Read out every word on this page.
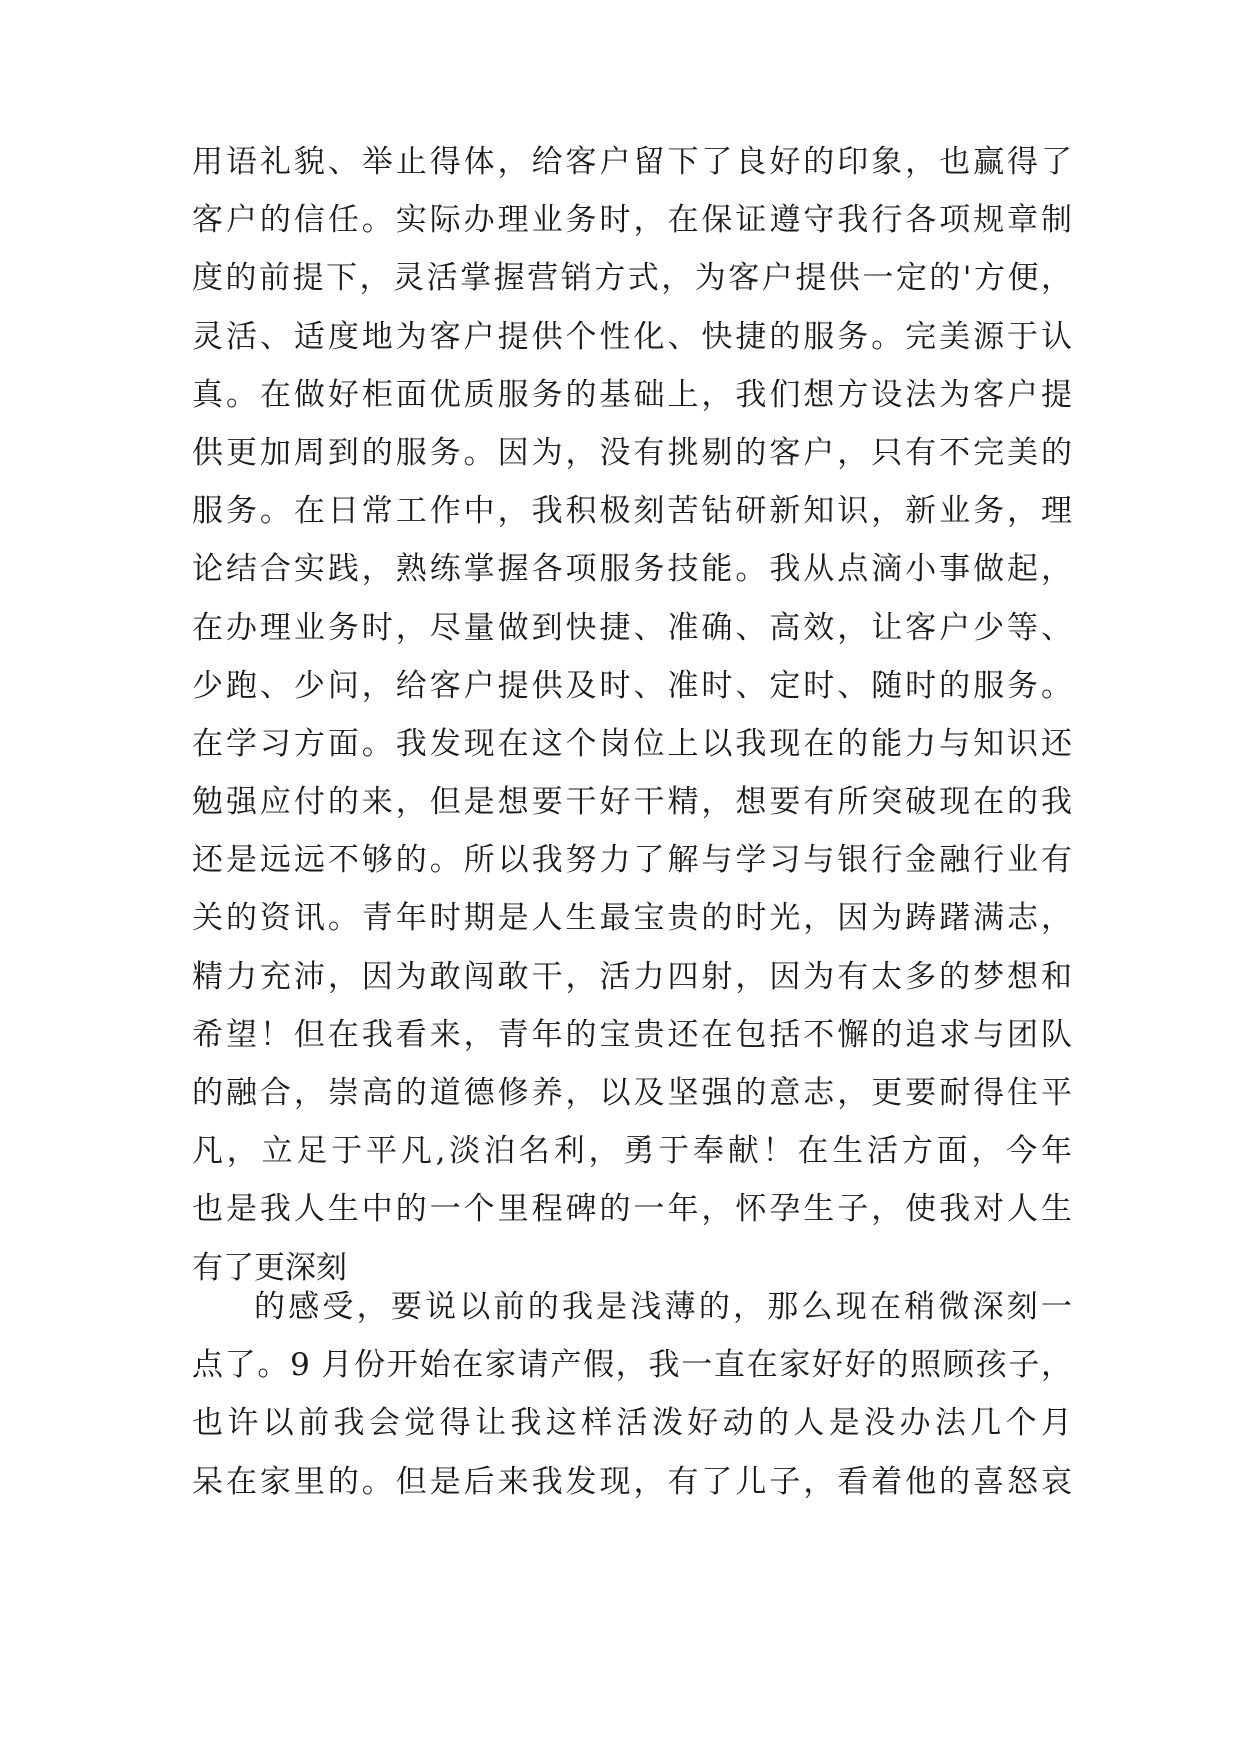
用语礼貌、举止得体，给客户留下了良好的印象，也赢得了
客户的信任。实际办理业务时，在保证遵守我行各项规章制
度的前提下，灵活掌握营销方式，为客户提供一定的'方便，
灵活、适度地为客户提供个性化、快捷的服务。完美源于认
真。在做好柜面优质服务的基础上，我们想方设法为客户提
供更加周到的服务。因为，没有挑剔的客户，只有不完美的
服务。在日常工作中，我积极刻苦钻研新知识，新业务，理
论结合实践，熟练掌握各项服务技能。我从点滴小事做起，
在办理业务时，尽量做到快捷、准确、高效，让客户少等、
少跑、少问，给客户提供及时、准时、定时、随时的服务。
在学习方面。我发现在这个岗位上以我现在的能力与知识还
勉强应付的来，但是想要干好干精，想要有所突破现在的我
还是远远不够的。所以我努力了解与学习与银行金融行业有
关的资讯。青年时期是人生最宝贵的时光，因为踌躇满志，
精力充沛，因为敢闯敢干，活力四射，因为有太多的梦想和
希望！但在我看来，青年的宝贵还在包括不懈的追求与团队
的融合，崇高的道德修养，以及坚强的意志，更要耐得住平
凡，立足于平凡,淡泊名利，勇于奉献！在生活方面，今年
也是我人生中的一个里程碑的一年，怀孕生子，使我对人生
有了更深刻
的感受，要说以前的我是浅薄的，那么现在稍微深刻一
点了。9 月份开始在家请产假，我一直在家好好的照顾孩子，
也许以前我会觉得让我这样活泼好动的人是没办法几个月
呆在家里的。但是后来我发现，有了儿子，看着他的喜怒哀
